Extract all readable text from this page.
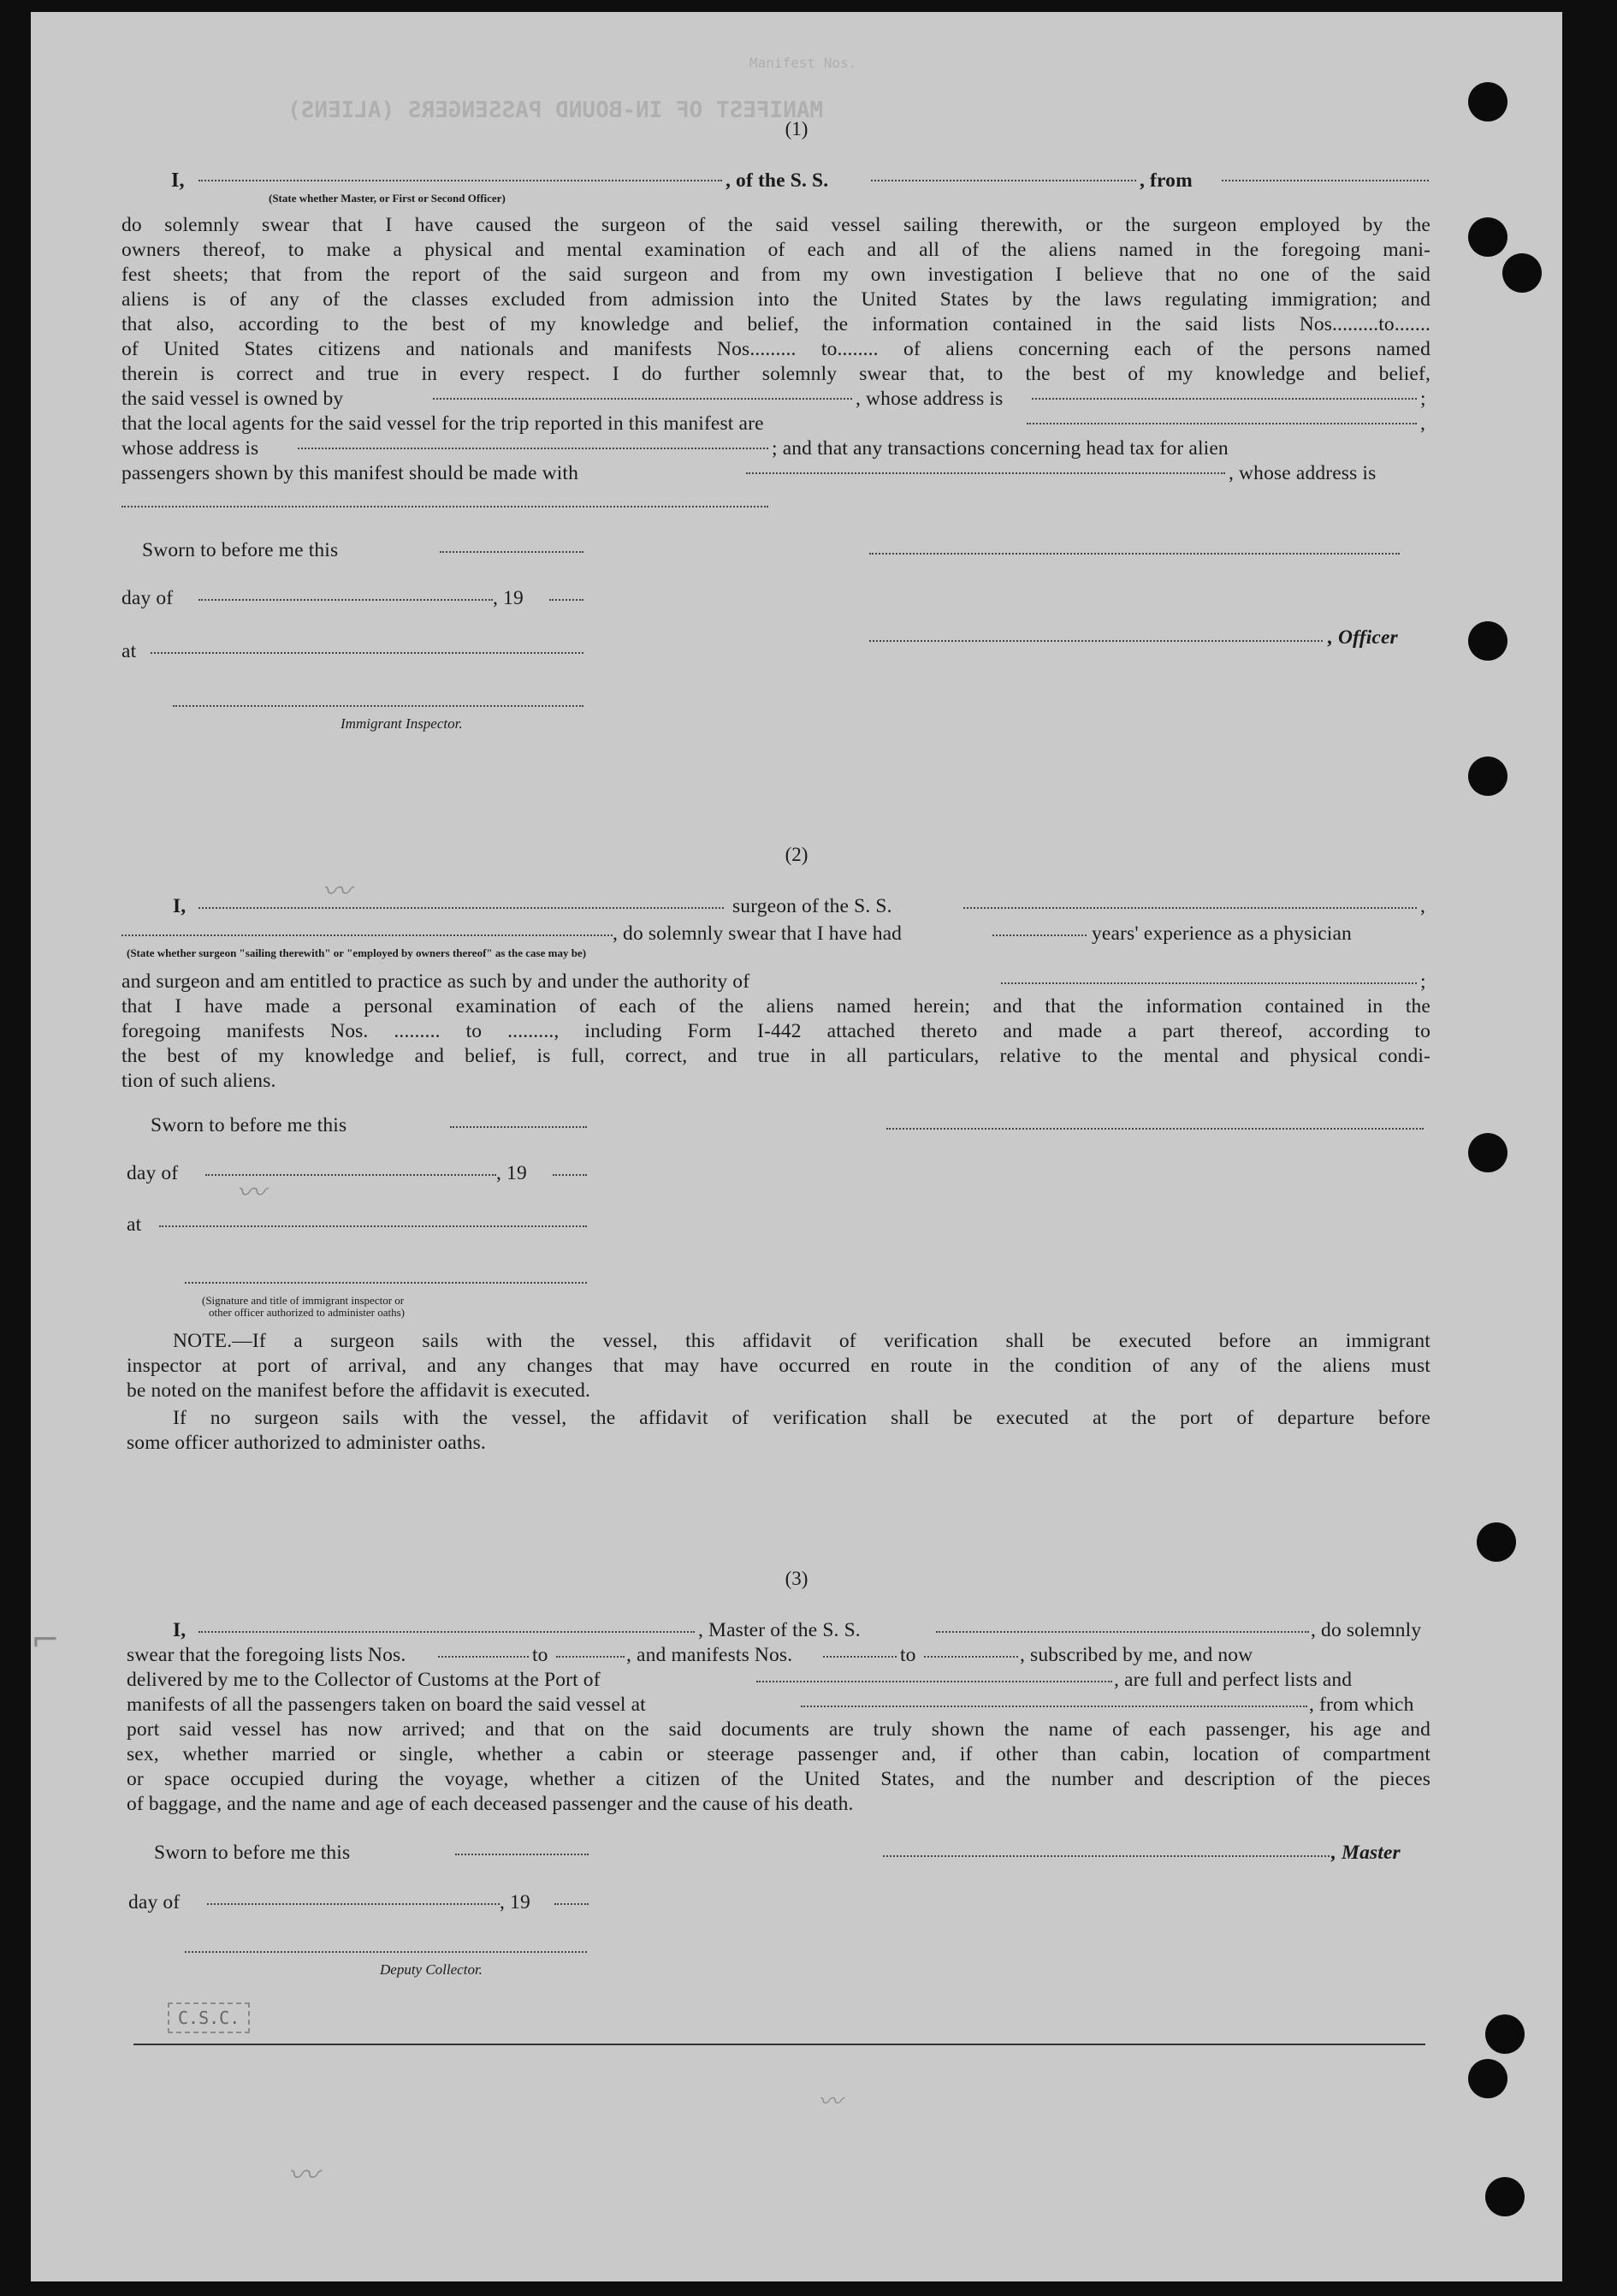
Manifest Nos.
MANIFEST OF IN-BOUND PASSENGERS (ALIENS)
(1)
I,	, of the S. S.	, from
(State whether Master, or First or Second Officer)
do solemnly swear that I have caused the surgeon of the said vessel sailing therewith, or the surgeon employed by the
owners thereof, to make a physical and mental examination of each and all of the aliens named in the foregoing mani-
fest sheets; that from the report of the said surgeon and from my own investigation I believe that no one of the said
aliens is of any of the classes excluded from admission into the United States by the laws regulating immigration; and
that also, according to the best of my knowledge and belief, the information contained in the said lists Nos.........to.......
of United States citizens and nationals and manifests Nos......... to........ of aliens concerning each of the persons named
therein is correct and true in every respect. I do further solemnly swear that, to the best of my knowledge and belief,
the said vessel is owned by	, whose address is	;
that the local agents for the said vessel for the trip reported in this manifest are	,
whose address is	; and that any transactions concerning head tax for alien
passengers shown by this manifest should be made with	, whose address is
Sworn to before me this
day of	, 19
, Officer
at
Immigrant Inspector.
(2)
I,	surgeon of the S. S.	,
, do solemnly swear that I have had	years' experience as a physician
(State whether surgeon "sailing therewith" or "employed by owners thereof" as the case may be)
and surgeon and am entitled to practice as such by and under the authority of	;
that I have made a personal examination of each of the aliens named herein; and that the information contained in the
foregoing manifests Nos. ......... to ........., including Form I-442 attached thereto and made a part thereof, according to
the best of my knowledge and belief, is full, correct, and true in all particulars, relative to the mental and physical condi-
tion of such aliens.
Sworn to before me this
day of	, 19
at
(Signature and title of immigrant inspector or
other officer authorized to administer oaths)
NOTE.—If a surgeon sails with the vessel, this affidavit of verification shall be executed before an immigrant
inspector at port of arrival, and any changes that may have occurred en route in the condition of any of the aliens must
be noted on the manifest before the affidavit is executed.
If no surgeon sails with the vessel, the affidavit of verification shall be executed at the port of departure before
some officer authorized to administer oaths.
(3)
I,	, Master of the S. S.	, do solemnly
swear that the foregoing lists Nos.	to	, and manifests Nos.	to	, subscribed by me, and now
delivered by me to the Collector of Customs at the Port of	, are full and perfect lists and
manifests of all the passengers taken on board the said vessel at	, from which
port said vessel has now arrived; and that on the said documents are truly shown the name of each passenger, his age and
sex, whether married or single, whether a cabin or steerage passenger and, if other than cabin, location of compartment
or space occupied during the voyage, whether a citizen of the United States, and the number and description of the pieces
of baggage, and the name and age of each deceased passenger and the cause of his death.
Sworn to before me this	, Master
day of	, 19
Deputy Collector.
C.S.C.
⌐
〰
〰
〰
〰
